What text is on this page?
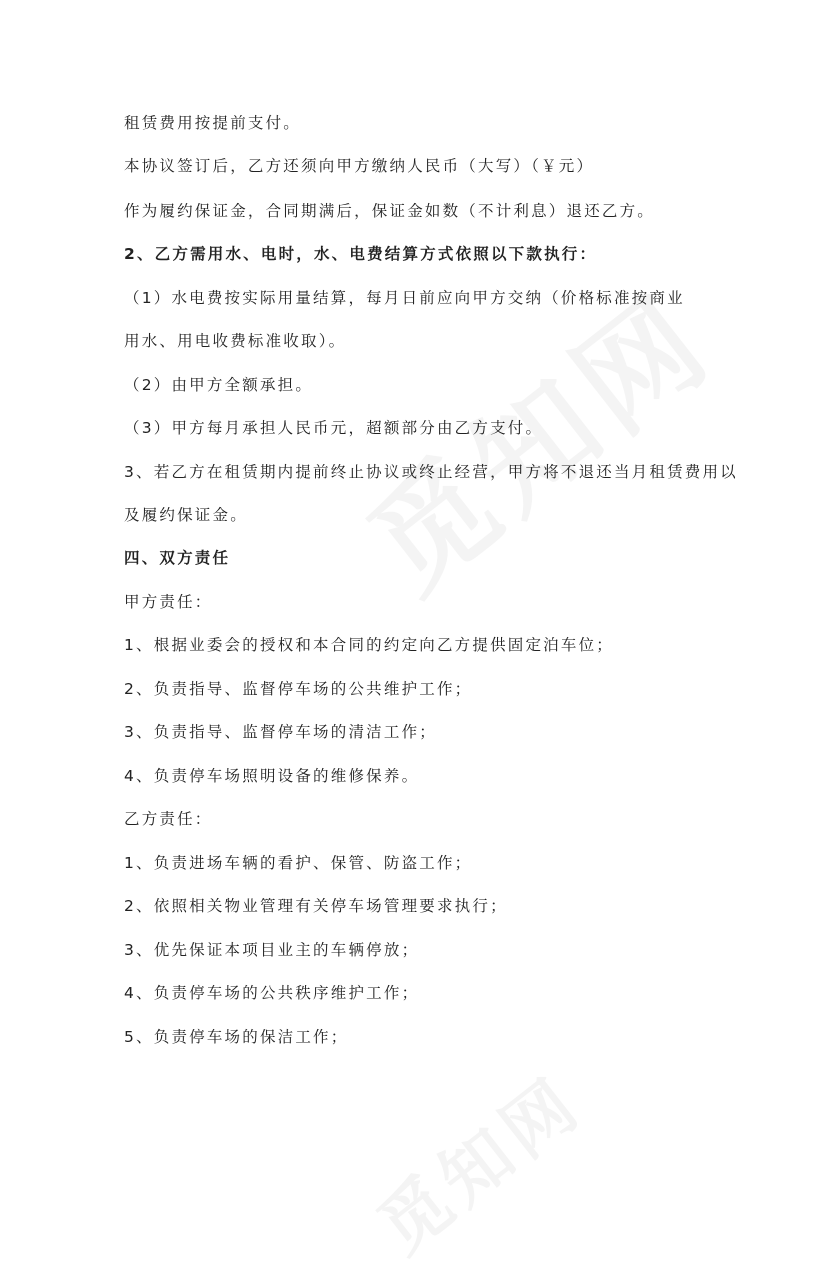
租赁费用按提前支付。
本协议签订后，乙方还须向甲方缴纳人民币（大写）（￥元）
作为履约保证金，合同期满后，保证金如数（不计利息）退还乙方。
2、乙方需用水、电时，水、电费结算方式依照以下款执行：
（1）水电费按实际用量结算，每月日前应向甲方交纳（价格标准按商业
用水、用电收费标准收取）。
（2）由甲方全额承担。
（3）甲方每月承担人民币元，超额部分由乙方支付。
3、若乙方在租赁期内提前终止协议或终止经营，甲方将不退还当月租赁费用以
及履约保证金。
四、双方责任
甲方责任：
1、根据业委会的授权和本合同的约定向乙方提供固定泊车位；
2、负责指导、监督停车场的公共维护工作；
3、负责指导、监督停车场的清洁工作；
4、负责停车场照明设备的维修保养。
乙方责任：
1、负责进场车辆的看护、保管、防盗工作；
2、依照相关物业管理有关停车场管理要求执行；
3、优先保证本项目业主的车辆停放；
4、负责停车场的公共秩序维护工作；
5、负责停车场的保洁工作；
